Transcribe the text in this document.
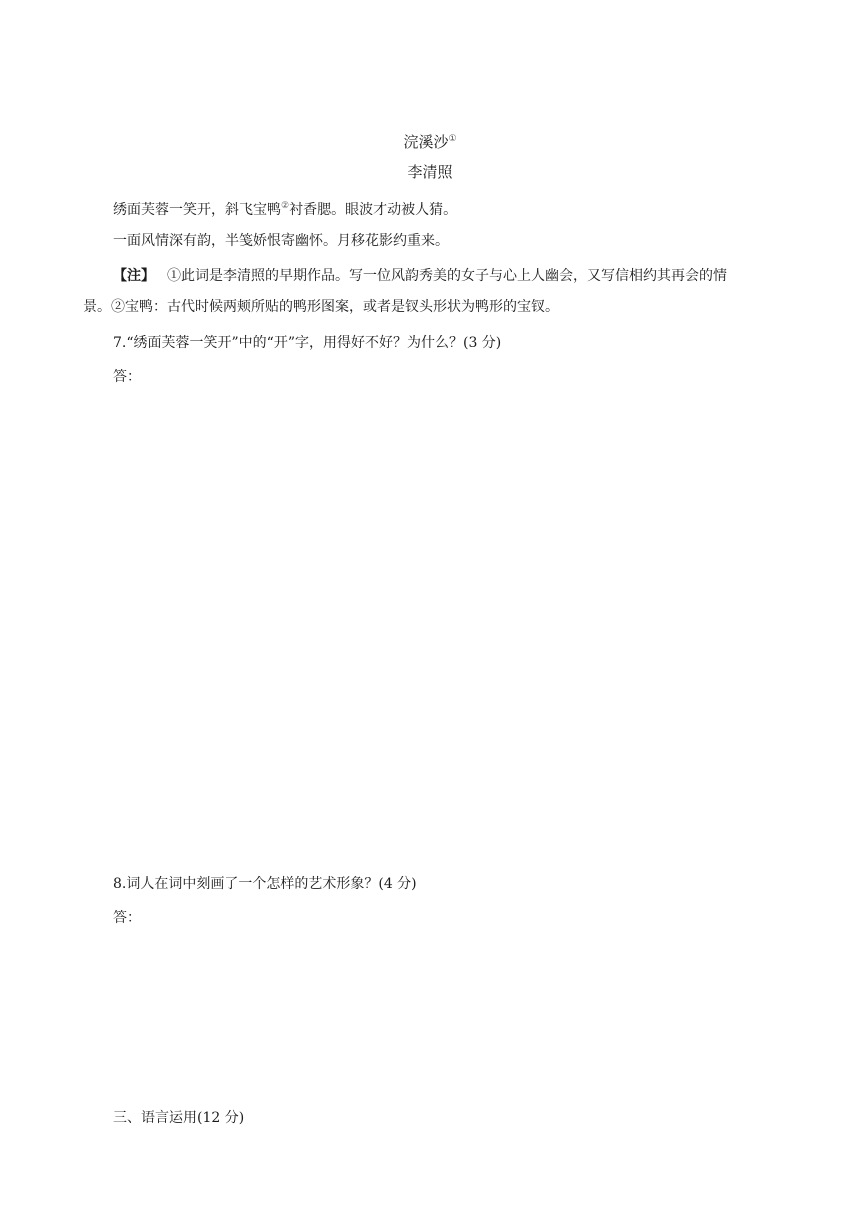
浣溪沙①
李清照
绣面芙蓉一笑开，斜飞宝鸭②衬香腮。眼波才动被人猜。
一面风情深有韵，半笺娇恨寄幽怀。月移花影约重来。
【注】 ①此词是李清照的早期作品。写一位风韵秀美的女子与心上人幽会，又写信相约其再会的情
景。②宝鸭：古代时候两颊所贴的鸭形图案，或者是钗头形状为鸭形的宝钗。
7.“绣面芙蓉一笑开”中的“开”字，用得好不好？为什么？(3 分)
答：
8.词人在词中刻画了一个怎样的艺术形象？(4 分)
答：
三、语言运用(12 分)
